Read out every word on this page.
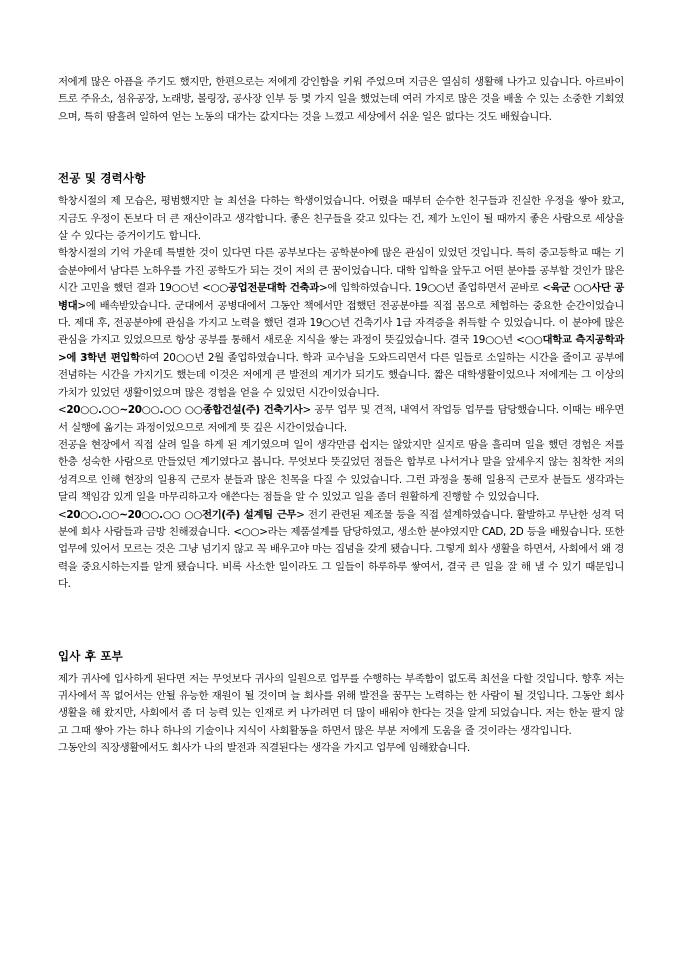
저에게 많은 아픔을 주기도 했지만, 한편으로는 저에게 강인함을 키워 주었으며 지금은 열심히 생활해 나가고 있습니다. 아르바이트로 주유소, 섬유공장, 노래방, 볼링장, 공사장 인부 등 몇 가지 일을 했었는데 여러 가지로 많은 것을 배울 수 있는 소중한 기회였으며, 특히 땀흘려 일하여 얻는 노동의 대가는 값지다는 것을 느꼈고 세상에서 쉬운 일은 없다는 것도 배웠습니다.

전공 및 경력사항

학창시절의 제 모습은, 평범했지만 늘 최선을 다하는 학생이었습니다. 어렸을 때부터 순수한 친구들과 진실한 우정을 쌓아 왔고, 지금도 우정이 돈보다 더 큰 재산이라고 생각합니다. 좋은 친구들을 갖고 있다는 건, 제가 노인이 될 때까지 좋은 사람으로 세상을 살 수 있다는 증거이기도 합니다.

학창시절의 기억 가운데 특별한 것이 있다면 다른 공부보다는 공학분야에 많은 관심이 있었던 것입니다. 특히 중고등학교 때는 기술분야에서 남다른 노하우를 가진 공학도가 되는 것이 저의 큰 꿈이었습니다. 대학 입학을 앞두고 어떤 분야를 공부할 것인가 많은 시간 고민을 했던 결과 19○○년 <○○공업전문대학 건축과>에 입학하였습니다. 19○○년 졸업하면서 곧바로 <육군 ○○사단 공병대>에 배속받았습니다. 군대에서 공병대에서 그동안 책에서만 접했던 전공분야를 직접 몸으로 체험하는 중요한 순간이었습니다. 제대 후, 전공분야에 관심을 가지고 노력을 했던 결과 19○○년 건축기사 1급 자격증을 취득할 수 있었습니다. 이 분야에 많은 관심을 가지고 있었으므로 항상 공부를 통해서 새로운 지식을 쌓는 과정이 뜻깊었습니다. 결국 19○○년 <○○대학교 측지공학과>에 3학년 편입학하여 20○○년 2월 졸업하였습니다. 학과 교수님을 도와드리면서 다른 일들로 소일하는 시간을 줄이고 공부에 전념하는 시간을 가지기도 했는데 이것은 저에게 큰 발전의 계기가 되기도 했습니다. 짧은 대학생활이었으나 저에게는 그 이상의 가치가 있었던 생활이었으며 많은 경험을 얻을 수 있었던 시간이었습니다.

<20○○.○○~20○○.○○ ○○종합건설(주) 건축기사> 공무 업무 및 견적, 내역서 작업등 업무를 담당했습니다. 이때는 배우면서 실행에 옮기는 과정이었으므로 저에게 뜻 깊은 시간이었습니다.

전공을 현장에서 직접 살려 일을 하게 된 계기였으며 일이 생각만큼 쉽지는 않았지만 실지로 땀을 흘리며 일을 했던 경험은 저를 한층 성숙한 사람으로 만들었던 계기였다고 봅니다. 무엇보다 뜻깊었던 점들은 합부로 나서거나 말을 앞세우지 않는 침착한 저의 성격으로 인해 현장의 일용직 근로자 분들과 많은 친목을 다질 수 있었습니다. 그런 과정을 통해 일용직 근로자 분들도 생각과는 달리 책임감 있게 일을 마무리하고자 애쓴다는 점들을 알 수 있었고 일을 좀더 원활하게 진행할 수 있었습니다.

<20○○.○○~20○○.○○ ○○전기(주) 설계팀 근무> 전기 관련된 제조물 등을 직접 설계하였습니다. 활발하고 무난한 성격 덕분에 회사 사람들과 금방 친해졌습니다. <○○>라는 제품설계를 담당하였고, 생소한 분야였지만 CAD, 2D 등을 배웠습니다. 또한 업무에 있어서 모르는 것은 그냥 넘기지 않고 꼭 배우고야 마는 집념을 갖게 됐습니다. 그렇게 회사 생활을 하면서, 사회에서 왜 경력을 중요시하는지를 알게 됐습니다. 비록 사소한 일이라도 그 일들이 하루하루 쌓여서, 결국 큰 일을 잘 해 낼 수 있기 때문입니다.

입사 후 포부

제가 귀사에 입사하게 된다면 저는 무엇보다 귀사의 일원으로 업무를 수행하는 부족함이 없도록 최선을 다할 것입니다. 향후 저는 귀사에서 꼭 없어서는 안될 유능한 재원이 될 것이며 늘 회사를 위해 발전을 꿈꾸는 노력하는 한 사람이 될 것입니다. 그동안 회사생활을 해 왔지만, 사회에서 좀 더 능력 있는 인재로 커 나가려면 더 많이 배워야 한다는 것을 알게 되었습니다. 저는 한눈 팔지 않고 그때 쌓아 가는 하나 하나의 기술이나 지식이 사회활동을 하면서 많은 부분 저에게 도움을 줄 것이라는 생각입니다.

그동안의 직장생활에서도 회사가 나의 발전과 직결된다는 생각을 가지고 업무에 임해왔습니다.
